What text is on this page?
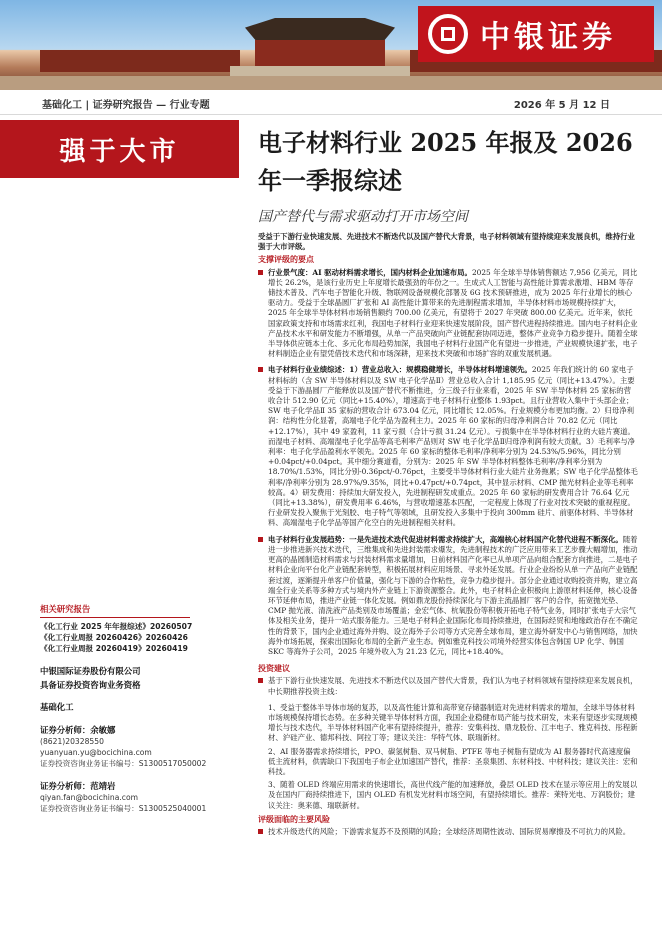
中银证券
基础化工 | 证券研究报告 — 行业专题	2026 年 5 月 12 日
强于大市	电子材料行业 2025 年报及 2026 年一季报综述
国产替代与需求驱动打开市场空间

受益于下游行业快速发展、先进技术不断迭代以及国产替代大背景，电子材料领域有望持续迎来发展良机，维持行业强于大市评级。

支撑评级的要点
行业景气度：AI 驱动材料需求增长，国内材料企业加速布局。2025 年全球半导体销售额达 7,956 亿美元，同比增长 26.2%，是该行业历史上年度增长最强劲的年份之一。生成式人工智能与高性能计算需求激增、HBM 等存储技术普及、汽车电子智能化升级、物联网设备规模化部署及 6G 技术预研推进，成为 2025 年行业增长的核心驱动力。受益于全球晶圆厂扩张和 AI 高性能计算带来的先进制程需求增加，半导体材料市场规模持续扩大，2025 年全球半导体材料市场销售额约 700.00 亿美元，有望将于 2027 年突破 800.00 亿美元。近年来，依托国家政策支持和市场需求红利，我国电子材料行业迎来快速发展阶段，国产替代进程持续推进。国内电子材料企业产品技术水平和研发能力不断增强，从单一产品突破向产业链配套协同迈进，整体产业竞争力稳步提升。随着全球半导体供应链本土化、多元化布局趋势加深，我国电子材料行业国产化有望进一步推进，产业规模快速扩张，电子材料制造企业有望凭借技术迭代和市场深耕，迎来技术突破和市场扩容的双重发展机遇。
电子材料行业业绩综述：1）营业总收入：规模稳健增长，半导体材料增速领先。2025 年我们统计的 60 家电子材料标的（含 SW 半导体材料以及 SW 电子化学品Ⅱ）营业总收入合计 1,185.95 亿元（同比+13.47%）。主要受益于下游晶圆厂产能释放以及国产替代不断推进，分三级子行业来看，2025 年 SW 半导体材料 25 家标的营收合计 512.90 亿元（同比+15.40%），增速高于电子材料行业整体 1.93pct。且行业营收入集中于头部企业；SW 电子化学品Ⅱ 35 家标的营收合计 673.04 亿元，同比增长 12.05%。行业规模分布更加均衡。2）归母净利润：结构性分化显著，高端电子化学品为盈利主力。2025 年 60 家标的归母净利润合计 70.82 亿元（同比+12.17%），其中 49 家盈利，11 家亏损（合计亏损 31.24 亿元）。亏损集中在半导体材料行业的大硅片赛道。而湿电子材料、高端湿电子化学品等高毛利率产品则对 SW 电子化学品Ⅱ归母净利润有较大贡献。3）毛利率与净利率：电子化学品盈利水平领先。2025 年 60 家标的整体毛利率/净利率分别为 24.53%/5.96%，同比分别+0.04pct/+0.04pct。其中细分赛道看，分别为：2025 年 SW 半导体材料整体毛利率/净利率分别为 18.70%/1.53%，同比分别-0.36pct/-0.76pct，主要受半导体材料行业大硅片业务拖累；SW 电子化学品整体毛利率/净利率分别为 28.97%/9.35%，同比+0.47pct/+0.74pct，其中显示材料、CMP 抛光材料企业等毛利率较高。4）研发费用：持续加大研发投入，先进制程研发成重点。2025 年 60 家标的研发费用合计 76.64 亿元（同比+13.38%），研发费用率 6.46%，与营收增速基本匹配，一定程度上体现了行业对技术突破的重视程度。行业研发投入聚焦于光刻胶、电子特气等领域，且研发投入多集中于投向 300mm 硅片、前驱体材料、半导体材料、高端湿电子化学品等国产化空白的先进制程相关材料。
电子材料行业发展趋势：一是先进技术迭代促进材料需求持续扩大，高端核心材料国产化替代进程不断深化。随着进一步推进新兴技术迭代，三维集成和先进封装需求爆发，先进制程技术的广泛应用带来工艺步骤大幅增加，推动更高的晶圆制造材料需求与封装材料需求量增加，日前材料国产化率已从单项产品向组合配套方向推进，二是电子材料企业向平台化产业链配套转型，积极拓展材料应用场景、寻求外延发展。行业企业纷纷从单一产品向产业链配套过渡，逐渐提升单客户价值量，强化与下游的合作粘性，竞争力稳步提升。部分企业通过收购投资并购，建立高端全行业关系等多种方式与境内外产业链上下游资源整合。此外，电子材料企业积极向上游原材料延伸，核心设备环节延伸布局，推进产业链一体化发展。例如鼎龙股份持续深化与下游主流晶圆厂客户的合作，拓宽抛光垫、CMP 抛光液、清洗液产品类别及市场覆盖；金宏气体、杭氧股份等积极开拓电子特气业务，同时扩张电子大宗气体及相关业务，提升一站式服务能力。三是电子材料企业国际化布局持续推进，在国际经贸和地缘政治存在不确定性的背景下，国内企业通过海外并购、设立海外子公司等方式完善全球布局，建立海外研发中心与销售网络，加快海外市场拓展，探索出国际化布局的全新产业生态。例如雅克科技公司境外经营实体包含韩国 UP 化学、韩国 SKC 等海外子公司，2025 年境外收入为 21.23 亿元，同比+18.40%。
投资建议
基于下游行业快速发展、先进技术不断迭代以及国产替代大背景，我们认为电子材料领域有望持续迎来发展良机，中长期推荐投资主线：

1、受益于整体半导体市场的复苏，以及高性能计算和高带宽存储器制造对先进材料需求的增加，全球半导体材料市场规模保持增长态势。在多种关键半导体材料方面，我国企业稳健布局产能与技术研发，未来有望逐步实现规模增长与技术迭代，半导体材料国产化率有望持续提升，推荐：安集科技、鼎龙股份、江丰电子、雅克科技、彤程新材、沪硅产业、德邦科技、阿拉丁等；建议关注：华特气体、联瑞新材。

2、AI 服务器需求持续增长，PPO、碳氢树脂、双马树脂、PTFE 等电子树脂有望成为 AI 服务器时代高速度偏低主流材料，供需缺口下我国电子布企业加速国产替代，推荐：圣泉集团、东材科技、中材科技；建议关注：宏和科技。

3、随着 OLED 终端应用需求的快速增长，高世代线产能的加速释放，叠层 OLED 技术在显示等应用上的发展以及在国内厂商持续推进下，国内 OLED 有机发光材料市场空间，有望持续增长。推荐：莱特光电、万润股份；建议关注：奥来德、瑞联新材。

评级面临的主要风险
技术升级迭代的风险；下游需求复苏不及预期的风险；全球经济周期性波动、国际贸易摩擦及不可抗力的风险。
相关研究报告
《化工行业 2025 年年报综述》20260507
《化工行业周报 20260426》20260426
《化工行业周报 20260419》20260419
中银国际证券股份有限公司
具备证券投资咨询业务资格
基础化工
证券分析师：余敏娜
(8621)20328550
yuanyuan.yu@bocichina.com
证券投资咨询业务证书编号：S1300517050002
证券分析师：范靖岩
qiyan.fan@bocichina.com
证券投资咨询业务证书编号：S1300525040001
